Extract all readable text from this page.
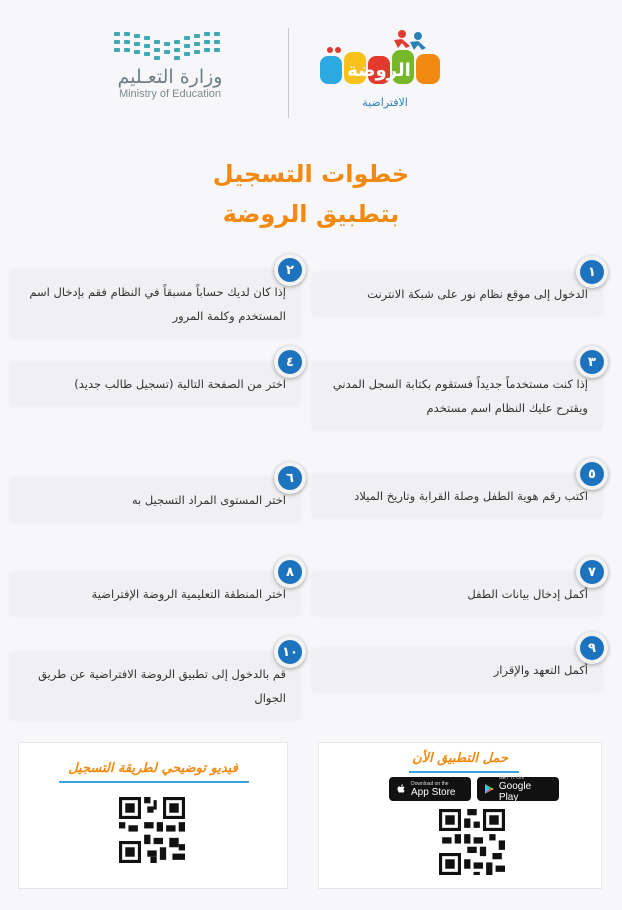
وزارة التعـليم
Ministry of Education
الروضة
الافتراضية
خطوات التسجيل
بتطبيق الروضة
الدخول إلى موقع نظام نور على شبكة الانترنت
١
إذا كان لديك حساباً مسبقاً في النظام فقم بإدخال اسم المستخدم وكلمة المرور
٢
إذا كنت مستخدماً جديداً فستقوم بكتابة السجل المدني ويقترح عليك النظام اسم مستخدم
٣
اختر من الصفحة التالية (تسجيل طالب جديد)
٤
اكتب رقم هوية الطفل وصلة القرابة وتاريخ الميلاد
٥
اختر المستوى المراد التسجيل به
٦
أكمل إدخال بيانات الطفل
٧
اختر المنطقة التعليمية الروضة الإفتراضية
٨
أكمل التعهد والإقرار
٩
قم بالدخول إلى تطبيق الروضة الافتراضية عن طريق الجوال
١٠
فيديو توضيحي لطريقة التسجيل
حمل التطبيق الأن
Download on the
App Store
GET IT ON
Google Play
